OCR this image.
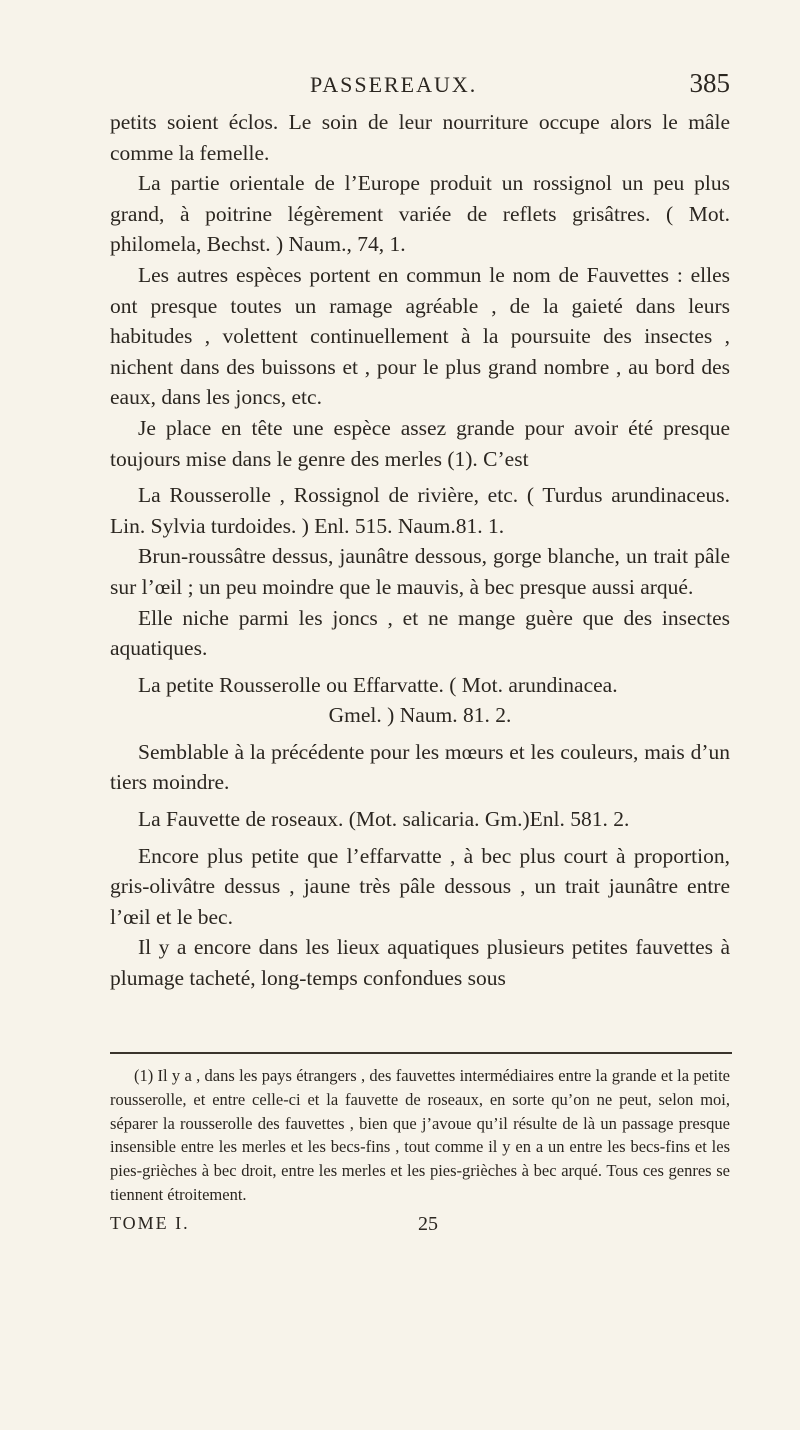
PASSEREAUX.	385

petits soient éclos. Le soin de leur nourriture occupe alors le mâle comme la femelle.

La partie orientale de l’Europe produit un rossignol un peu plus grand, à poitrine légèrement variée de reflets grisâtres. ( Mot. philomela, Bechst. ) Naum., 74, 1.

Les autres espèces portent en commun le nom de Fauvettes : elles ont presque toutes un ramage agréable , de la gaieté dans leurs habitudes , volettent continuellement à la poursuite des insectes , nichent dans des buissons et , pour le plus grand nombre , au bord des eaux, dans les joncs, etc.

Je place en tête une espèce assez grande pour avoir été presque toujours mise dans le genre des merles (1). C’est

La Rousserolle , Rossignol de rivière, etc. ( Turdus arundinaceus. Lin. Sylvia turdoides. ) Enl. 515. Naum.81. 1.

Brun-roussâtre dessus, jaunâtre dessous, gorge blanche, un trait pâle sur l’œil ; un peu moindre que le mauvis, à bec presque aussi arqué.

Elle niche parmi les joncs , et ne mange guère que des insectes aquatiques.

La petite Rousserolle ou Effarvatte. ( Mot. arundinacea.

Gmel. ) Naum. 81. 2.

Semblable à la précédente pour les mœurs et les couleurs, mais d’un tiers moindre.

La Fauvette de roseaux. (Mot. salicaria. Gm.)Enl. 581. 2.

Encore plus petite que l’effarvatte , à bec plus court à proportion, gris-olivâtre dessus , jaune très pâle dessous , un trait jaunâtre entre l’œil et le bec.

Il y a encore dans les lieux aquatiques plusieurs petites fauvettes à plumage tacheté, long-temps confondues sous

(1) Il y a , dans les pays étrangers , des fauvettes intermédiaires entre la grande et la petite rousserolle, et entre celle-ci et la fauvette de roseaux, en sorte qu’on ne peut, selon moi, séparer la rousserolle des fauvettes , bien que j’avoue qu’il résulte de là un passage presque insensible entre les merles et les becs-fins , tout comme il y en a un entre les becs-fins et les pies-grièches à bec droit, entre les merles et les pies-grièches à bec arqué. Tous ces genres se tiennent étroitement.

TOME I.	25
